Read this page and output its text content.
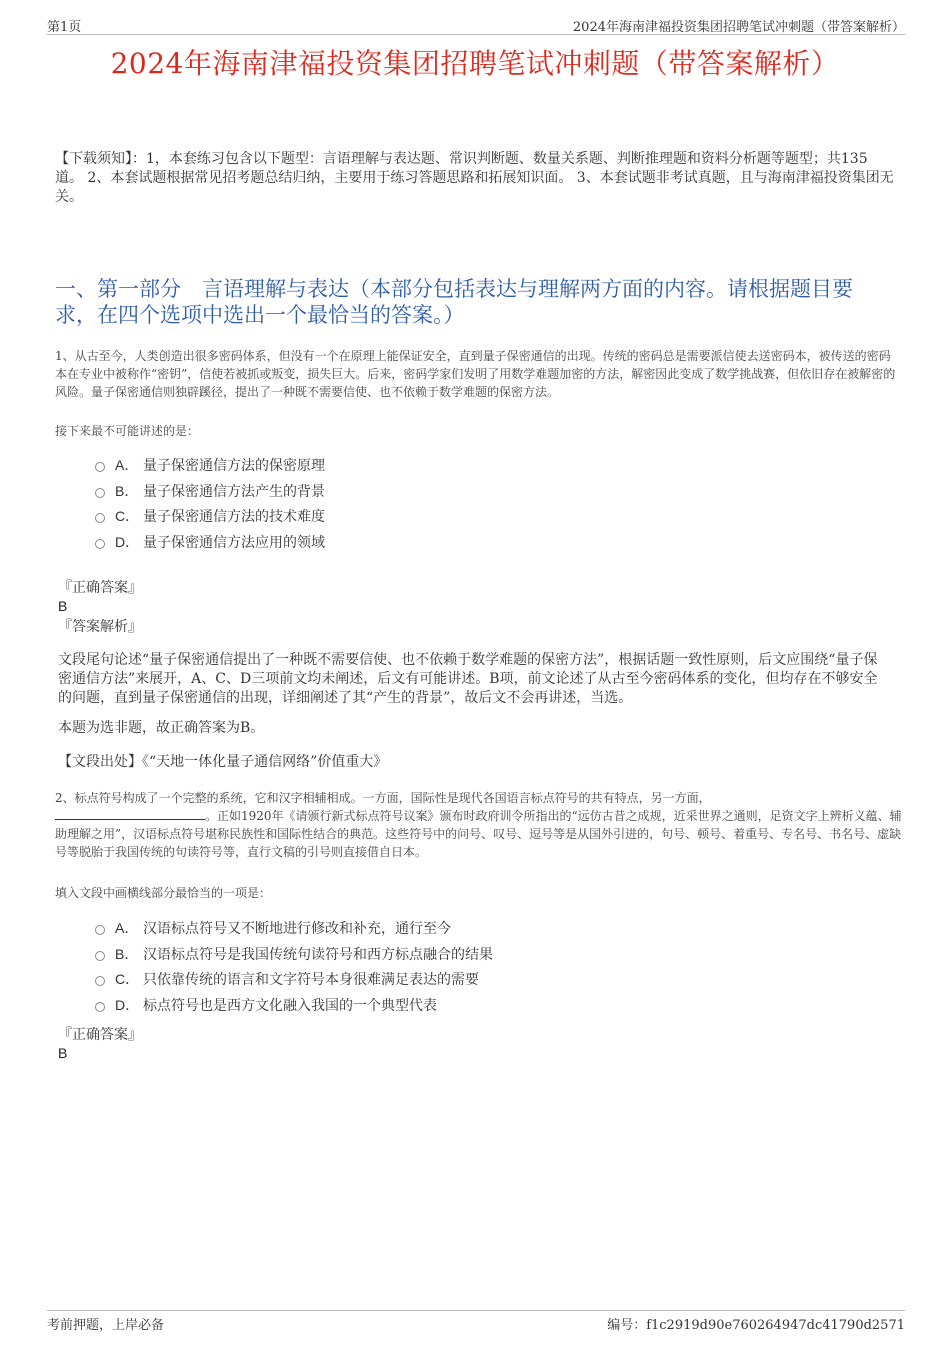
第1页	2024年海南津福投资集团招聘笔试冲刺题（带答案解析）
2024年海南津福投资集团招聘笔试冲刺题（带答案解析）
【下载须知】：1，本套练习包含以下题型：言语理解与表达题、常识判断题、数量关系题、判断推理题和资料分析题等题型；共135道。 2、本套试题根据常见招考题总结归纳，主要用于练习答题思路和拓展知识面。 3、本套试题非考试真题，且与海南津福投资集团无关。
一、第一部分　言语理解与表达（本部分包括表达与理解两方面的内容。请根据题目要求，在四个选项中选出一个最恰当的答案。）
1、从古至今，人类创造出很多密码体系，但没有一个在原理上能保证安全，直到量子保密通信的出现。传统的密码总是需要派信使去送密码本，被传送的密码本在专业中被称作“密钥”，信使若被抓或叛变，损失巨大。后来，密码学家们发明了用数学难题加密的方法，解密因此变成了数学挑战赛，但依旧存在被解密的风险。量子保密通信则独辟蹊径，提出了一种既不需要信使、也不依赖于数学难题的保密方法。
接下来最不可能讲述的是：
A． 量子保密通信方法的保密原理
B． 量子保密通信方法产生的背景
C． 量子保密通信方法的技术难度
D． 量子保密通信方法应用的领域
『正确答案』
B
『答案解析』
文段尾句论述“量子保密通信提出了一种既不需要信使、也不依赖于数学难题的保密方法”，根据话题一致性原则，后文应围绕“量子保密通信方法”来展开，A、C、D三项前文均未阐述，后文有可能讲述。B项，前文论述了从古至今密码体系的变化，但均存在不够安全的问题，直到量子保密通信的出现，详细阐述了其“产生的背景”，故后文不会再讲述，当选。
本题为选非题，故正确答案为B。
【文段出处】《“天地一体化量子通信网络”价值重大》
2、标点符号构成了一个完整的系统，它和汉字相辅相成。一方面，国际性是现代各国语言标点符号的共有特点，另一方面，
。正如1920年《请颁行新式标点符号议案》颁布时政府训令所指出的“远仿古昔之成规，近采世界之通则，足资文字上辨析义蕴、辅助理解之用”，汉语标点符号堪称民族性和国际性结合的典范。这些符号中的问号、叹号、逗号等是从国外引进的，句号、顿号、着重号、专名号、书名号、虚缺号等脱胎于我国传统的句读符号等，直行文稿的引号则直接借自日本。
填入文段中画横线部分最恰当的一项是：
A． 汉语标点符号又不断地进行修改和补充，通行至今
B． 汉语标点符号是我国传统句读符号和西方标点融合的结果
C． 只依靠传统的语言和文字符号本身很难满足表达的需要
D． 标点符号也是西方文化融入我国的一个典型代表
『正确答案』
B
考前押题，上岸必备	编号：f1c2919d90e760264947dc41790d2571
